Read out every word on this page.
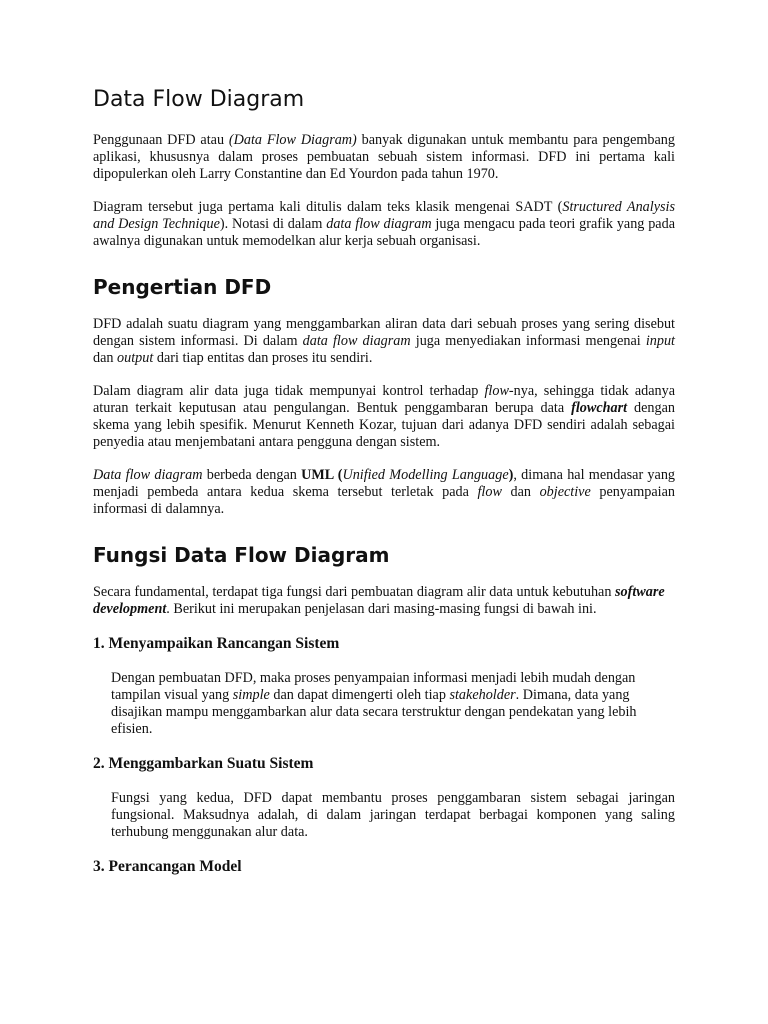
Data Flow Diagram

Penggunaan DFD atau (Data Flow Diagram) banyak digunakan untuk membantu para pengembang aplikasi, khususnya dalam proses pembuatan sebuah sistem informasi. DFD ini pertama kali dipopulerkan oleh Larry Constantine dan Ed Yourdon pada tahun 1970.

Diagram tersebut juga pertama kali ditulis dalam teks klasik mengenai SADT (Structured Analysis and Design Technique). Notasi di dalam data flow diagram juga mengacu pada teori grafik yang pada awalnya digunakan untuk memodelkan alur kerja sebuah organisasi.

Pengertian DFD

DFD adalah suatu diagram yang menggambarkan aliran data dari sebuah proses yang sering disebut dengan sistem informasi. Di dalam data flow diagram juga menyediakan informasi mengenai input dan output dari tiap entitas dan proses itu sendiri.

Dalam diagram alir data juga tidak mempunyai kontrol terhadap flow-nya, sehingga tidak adanya aturan terkait keputusan atau pengulangan. Bentuk penggambaran berupa data flowchart dengan skema yang lebih spesifik. Menurut Kenneth Kozar, tujuan dari adanya DFD sendiri adalah sebagai penyedia atau menjembatani antara pengguna dengan sistem.

Data flow diagram berbeda dengan UML (Unified Modelling Language), dimana hal mendasar yang menjadi pembeda antara kedua skema tersebut terletak pada flow dan objective penyampaian informasi di dalamnya.

Fungsi Data Flow Diagram

Secara fundamental, terdapat tiga fungsi dari pembuatan diagram alir data untuk kebutuhan software development. Berikut ini merupakan penjelasan dari masing-masing fungsi di bawah ini.

1. Menyampaikan Rancangan Sistem

Dengan pembuatan DFD, maka proses penyampaian informasi menjadi lebih mudah dengan tampilan visual yang simple dan dapat dimengerti oleh tiap stakeholder. Dimana, data yang disajikan mampu menggambarkan alur data secara terstruktur dengan pendekatan yang lebih efisien.

2. Menggambarkan Suatu Sistem

Fungsi yang kedua, DFD dapat membantu proses penggambaran sistem sebagai jaringan fungsional. Maksudnya adalah, di dalam jaringan terdapat berbagai komponen yang saling terhubung menggunakan alur data.

3. Perancangan Model
